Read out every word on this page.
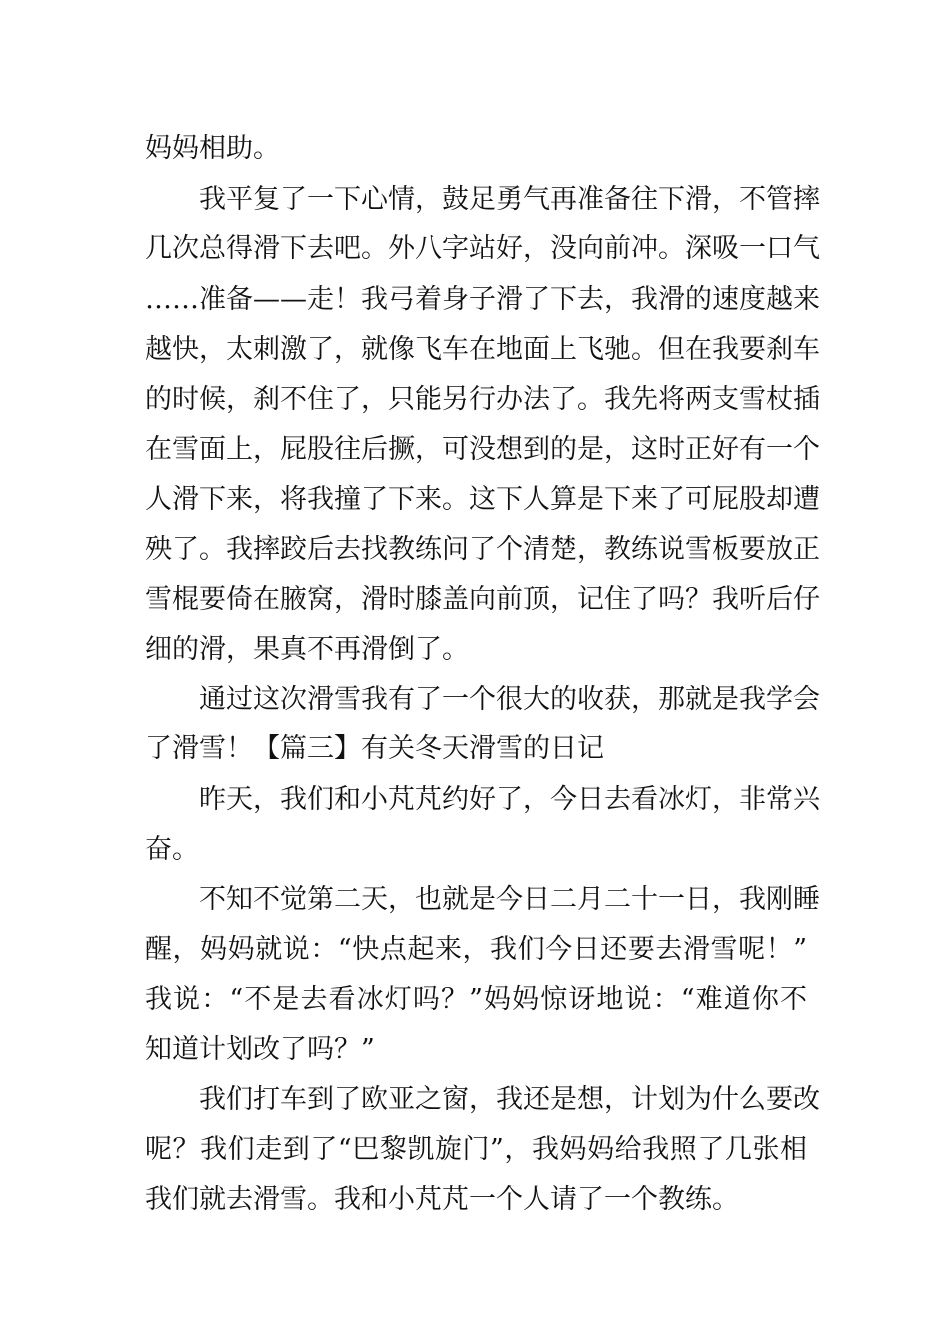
妈妈相助。
我平复了一下心情，鼓足勇气再准备往下滑，不管摔
几次总得滑下去吧。外八字站好，没向前冲。深吸一口气
……准备——走！我弓着身子滑了下去，我滑的速度越来
越快，太刺激了，就像飞车在地面上飞驰。但在我要刹车
的时候，刹不住了，只能另行办法了。我先将两支雪杖插
在雪面上，屁股往后撅，可没想到的是，这时正好有一个
人滑下来，将我撞了下来。这下人算是下来了可屁股却遭
殃了。我摔跤后去找教练问了个清楚，教练说雪板要放正
雪棍要倚在腋窝，滑时膝盖向前顶，记住了吗？我听后仔
细的滑，果真不再滑倒了。
通过这次滑雪我有了一个很大的收获，那就是我学会
了滑雪！【篇三】有关冬天滑雪的日记
昨天，我们和小芃芃约好了，今日去看冰灯，非常兴
奋。
不知不觉第二天，也就是今日二月二十一日，我刚睡
醒，妈妈就说：“快点起来，我们今日还要去滑雪呢！”
我说：“不是去看冰灯吗？”妈妈惊讶地说：“难道你不
知道计划改了吗？”
我们打车到了欧亚之窗，我还是想，计划为什么要改
呢？我们走到了“巴黎凯旋门”，我妈妈给我照了几张相
我们就去滑雪。我和小芃芃一个人请了一个教练。
